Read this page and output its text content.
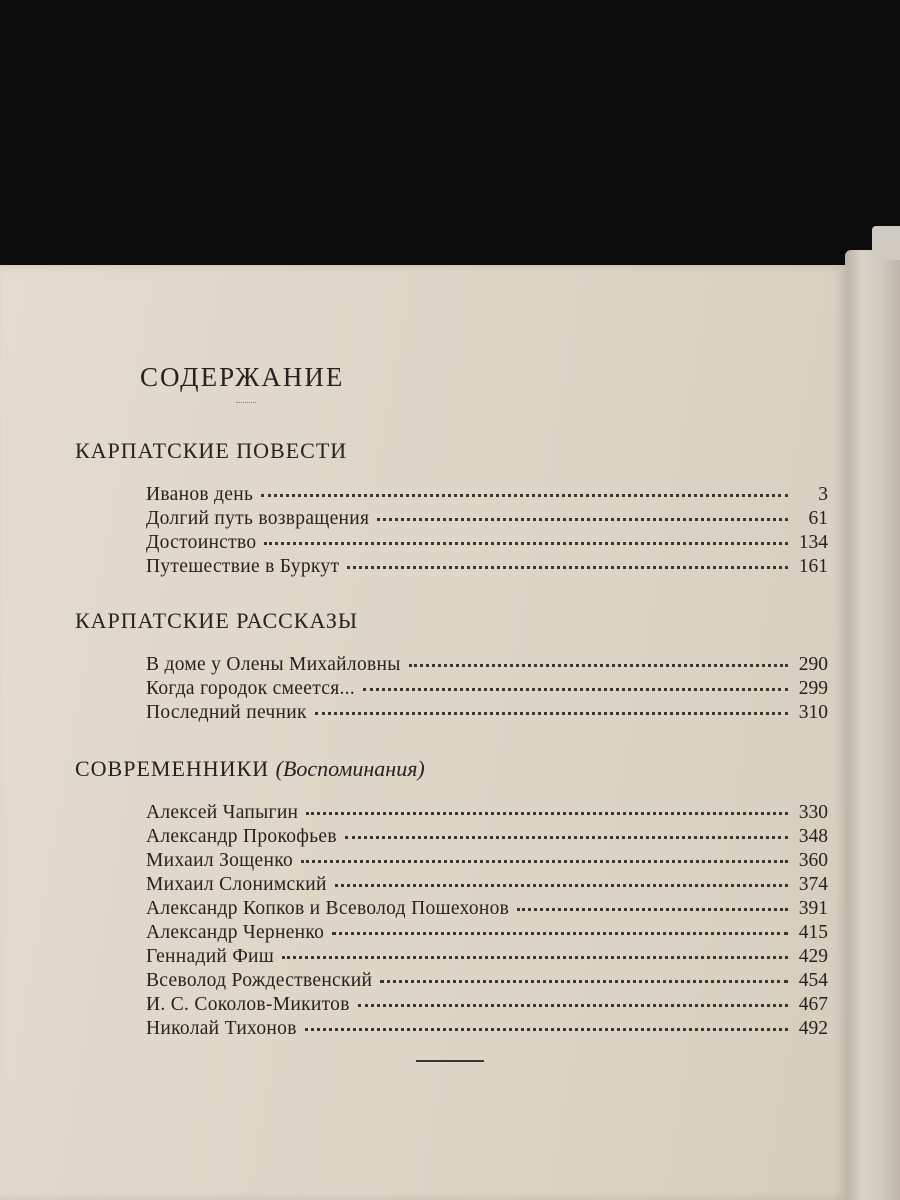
СОДЕРЖАНИЕ
КАРПАТСКИЕ ПОВЕСТИ
Иванов день	3
Долгий путь возвращения	61
Достоинство	134
Путешествие в Буркут	161
КАРПАТСКИЕ РАССКАЗЫ
В доме у Олены Михайловны	290
Когда городок смеется...	299
Последний печник	310
СОВРЕМЕННИКИ (Воспоминания)
Алексей Чапыгин	330
Александр Прокофьев	348
Михаил Зощенко	360
Михаил Слонимский	374
Александр Копков и Всеволод Пошехонов	391
Александр Черненко	415
Геннадий Фиш	429
Всеволод Рождественский	454
И. С. Соколов-Микитов	467
Николай Тихонов	492
